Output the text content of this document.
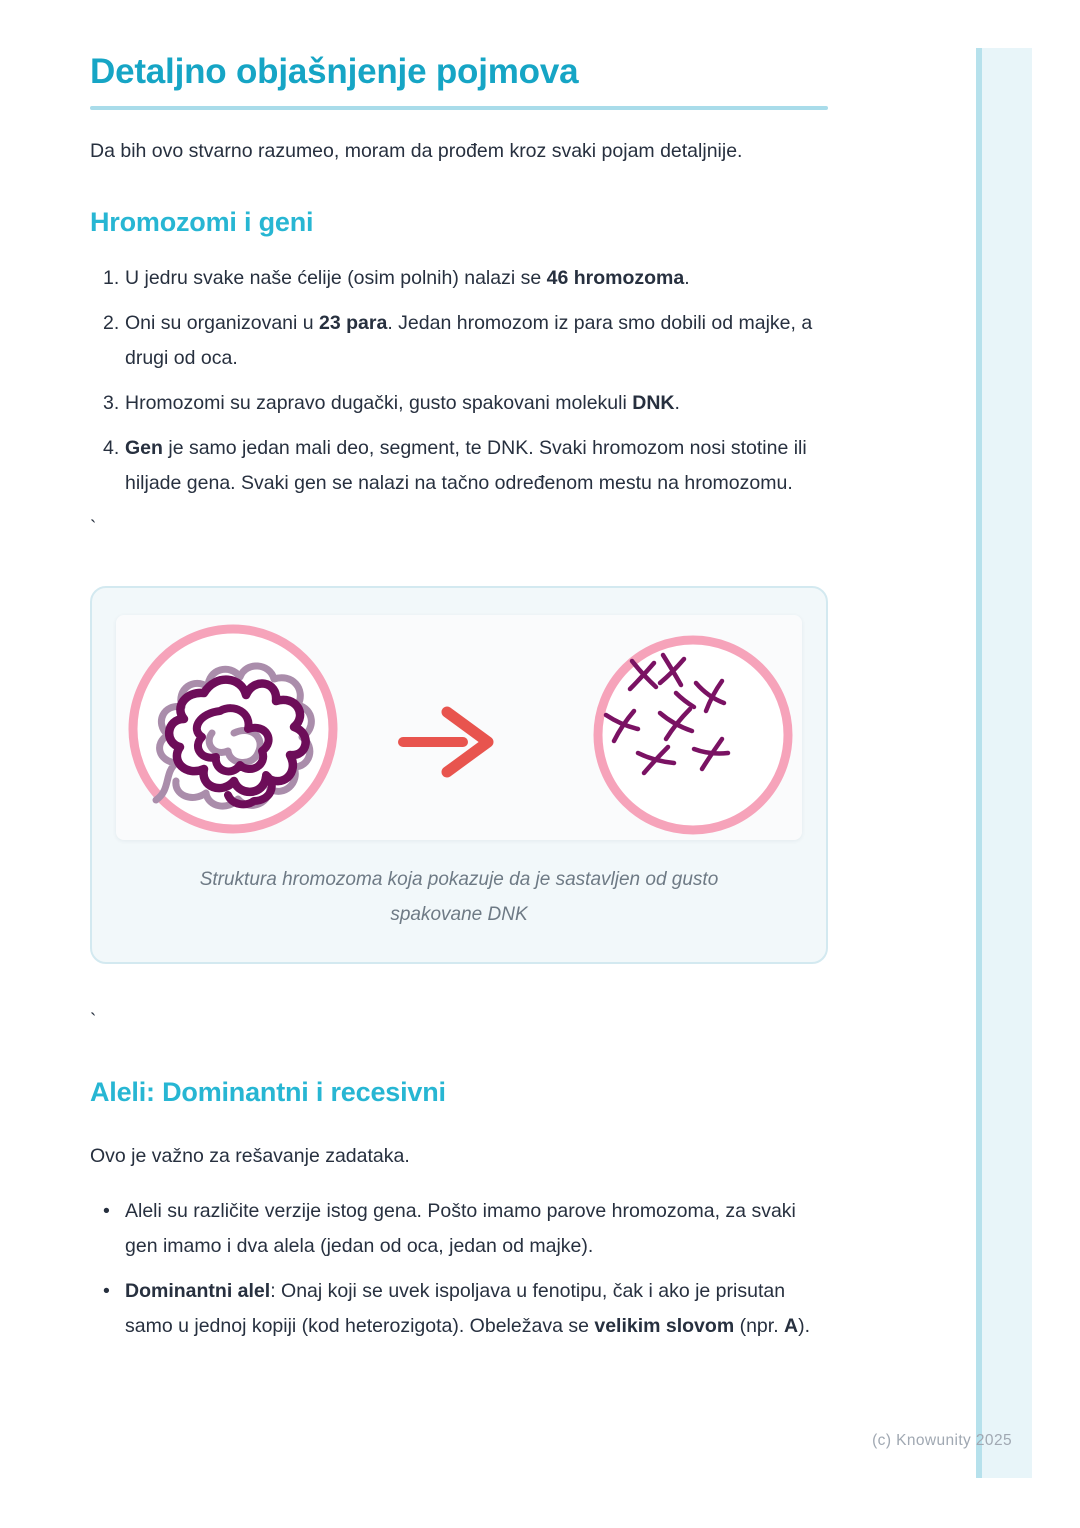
Detaljno objašnjenje pojmova

Da bih ovo stvarno razumeo, moram da prođem kroz svaki pojam detaljnije.

Hromozomi i geni
1. U jedru svake naše ćelije (osim polnih) nalazi se 46 hromozoma.
2. Oni su organizovani u 23 para. Jedan hromozom iz para smo dobili od majke, a drugi od oca.
3. Hromozomi su zapravo dugački, gusto spakovani molekuli DNK.
4. Gen je samo jedan mali deo, segment, te DNK. Svaki hromozom nosi stotine ili hiljade gena. Svaki gen se nalazi na tačno određenom mestu na hromozomu.

`

Struktura hromozoma koja pokazuje da je sastavljen od gusto spakovane DNK

`

Aleli: Dominantni i recesivni

Ovo je važno za rešavanje zadataka.

• Aleli su različite verzije istog gena. Pošto imamo parove hromozoma, za svaki gen imamo i dva alela (jedan od oca, jedan od majke).
• Dominantni alel: Onaj koji se uvek ispoljava u fenotipu, čak i ako je prisutan samo u jednoj kopiji (kod heterozigota). Obeležava se velikim slovom (npr. A).
(c) Knowunity 2025
